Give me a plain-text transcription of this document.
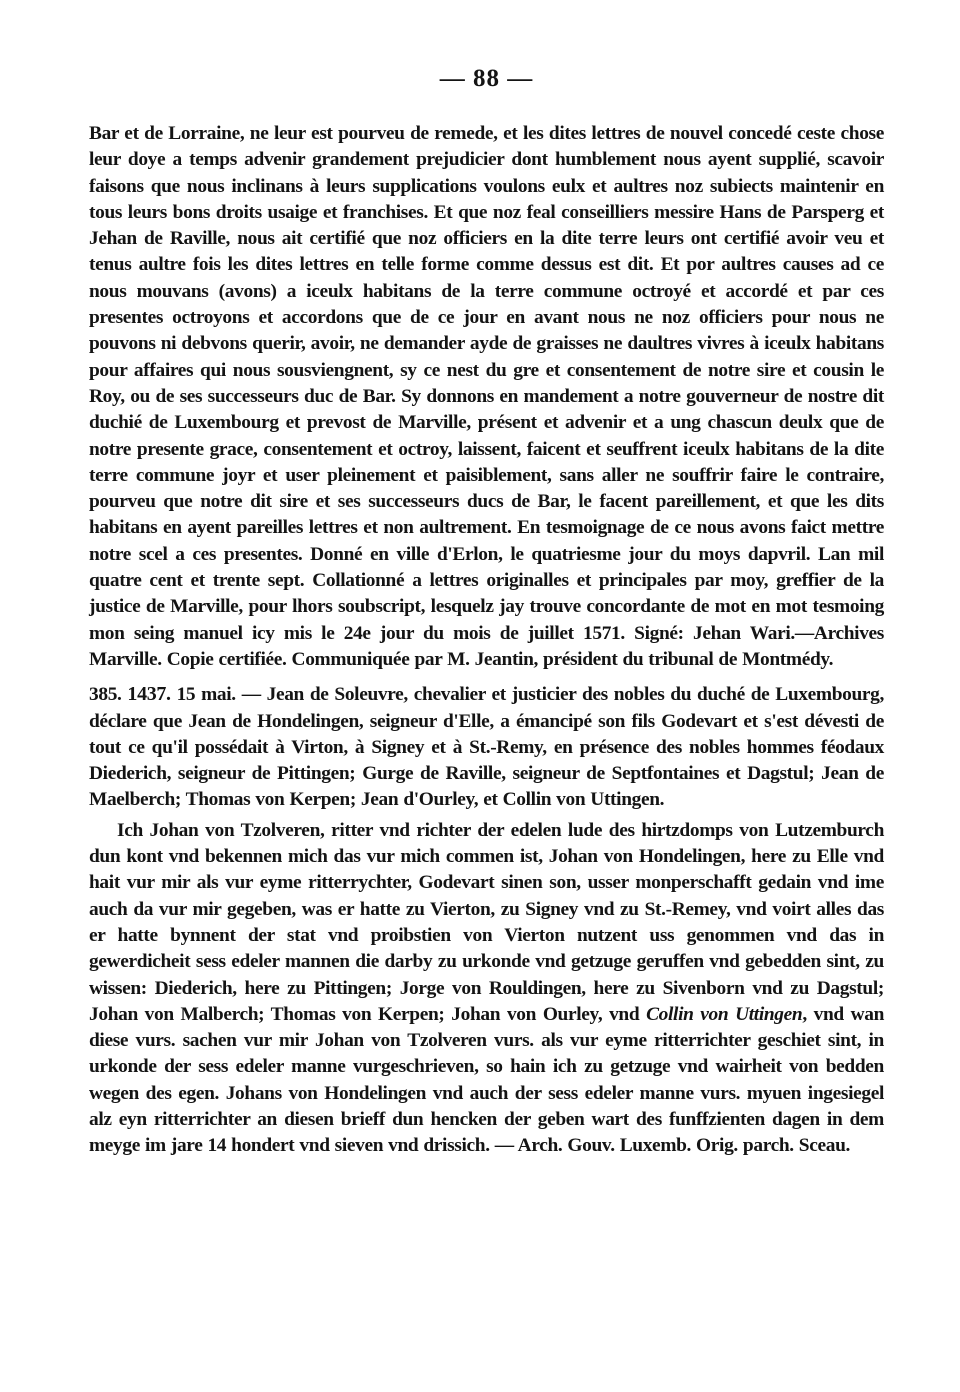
— 88 —

Bar et de Lorraine, ne leur est pourveu de remede, et les dites lettres de nouvel concedé ceste chose leur doye a temps advenir grandement prejudicier dont humblement nous ayent supplié, scavoir faisons que nous inclinans à leurs supplications voulons eulx et aultres noz subiects maintenir en tous leurs bons droits usaige et franchises. Et que noz feal conseilliers messire Hans de Parsperg et Jehan de Raville, nous ait certifié que noz officiers en la dite terre leurs ont certifié avoir veu et tenus aultre fois les dites lettres en telle forme comme dessus est dit. Et por aultres causes ad ce nous mouvans (avons) a iceulx habitans de la terre commune octroyé et accordé et par ces presentes octroyons et accordons que de ce jour en avant nous ne noz officiers pour nous ne pouvons ni debvons querir, avoir, ne demander ayde de graisses ne daultres vivres à iceulx habitans pour affaires qui nous sousviengnent, sy ce nest du gre et consentement de notre sire et cousin le Roy, ou de ses successeurs duc de Bar. Sy donnons en mandement a notre gouverneur de nostre dit duchié de Luxembourg et prevost de Marville, présent et advenir et a ung chascun deulx que de notre presente grace, consentement et octroy, laissent, faicent et seuffrent iceulx habitans de la dite terre commune joyr et user pleinement et paisiblement, sans aller ne souffrir faire le contraire, pourveu que notre dit sire et ses successeurs ducs de Bar, le facent pareillement, et que les dits habitans en ayent pareilles lettres et non aultrement. En tesmoignage de ce nous avons faict mettre notre scel a ces presentes. Donné en ville d'Erlon, le quatriesme jour du moys dapvril. Lan mil quatre cent et trente sept. Collationné a lettres originalles et principales par moy, greffier de la justice de Marville, pour lhors soubscript, lesquelz jay trouve concordante de mot en mot tesmoing mon seing manuel icy mis le 24e jour du mois de juillet 1571. Signé: Jehan Wari.—Archives Marville. Copie certifiée. Communiquée par M. Jeantin, président du tribunal de Montmédy.

385. 1437. 15 mai. — Jean de Soleuvre, chevalier et justicier des nobles du duché de Luxembourg, déclare que Jean de Hondelingen, seigneur d'Elle, a émancipé son fils Godevart et s'est dévesti de tout ce qu'il possédait à Virton, à Signey et à St.-Remy, en présence des nobles hommes féodaux Diederich, seigneur de Pittingen; Gurge de Raville, seigneur de Septfontaines et Dagstul; Jean de Maelberch; Thomas von Kerpen; Jean d'Ourley, et Collin von Uttingen.

Ich Johan von Tzolveren, ritter vnd richter der edelen lude des hirtzdomps von Lutzemburch dun kont vnd bekennen mich das vur mich commen ist, Johan von Hondelingen, here zu Elle vnd hait vur mir als vur eyme ritterrychter, Godevart sinen son, usser monperschafft gedain vnd ime auch da vur mir gegeben, was er hatte zu Vierton, zu Signey vnd zu St.-Remey, vnd voirt alles das er hatte bynnent der stat vnd proibstien von Vierton nutzent uss genommen vnd das in gewerdicheit sess edeler mannen die darby zu urkonde vnd getzuge geruffen vnd gebedden sint, zu wissen: Diederich, here zu Pittingen; Jorge von Rouldingen, here zu Sivenborn vnd zu Dagstul; Johan von Malberch; Thomas von Kerpen; Johan von Ourley, vnd Collin von Uttingen, vnd wan diese vurs. sachen vur mir Johan von Tzolveren vurs. als vur eyme ritterrichter geschiet sint, in urkonde der sess edeler manne vurgeschrieven, so hain ich zu getzuge vnd wairheit von bedden wegen des egen. Johans von Hondelingen vnd auch der sess edeler manne vurs. myuen ingesiegel alz eyn ritterrichter an diesen brieff dun hencken der geben wart des funffzienten dagen in dem meyge im jare 14 hondert vnd sieven vnd drissich. — Arch. Gouv. Luxemb. Orig. parch. Sceau.
